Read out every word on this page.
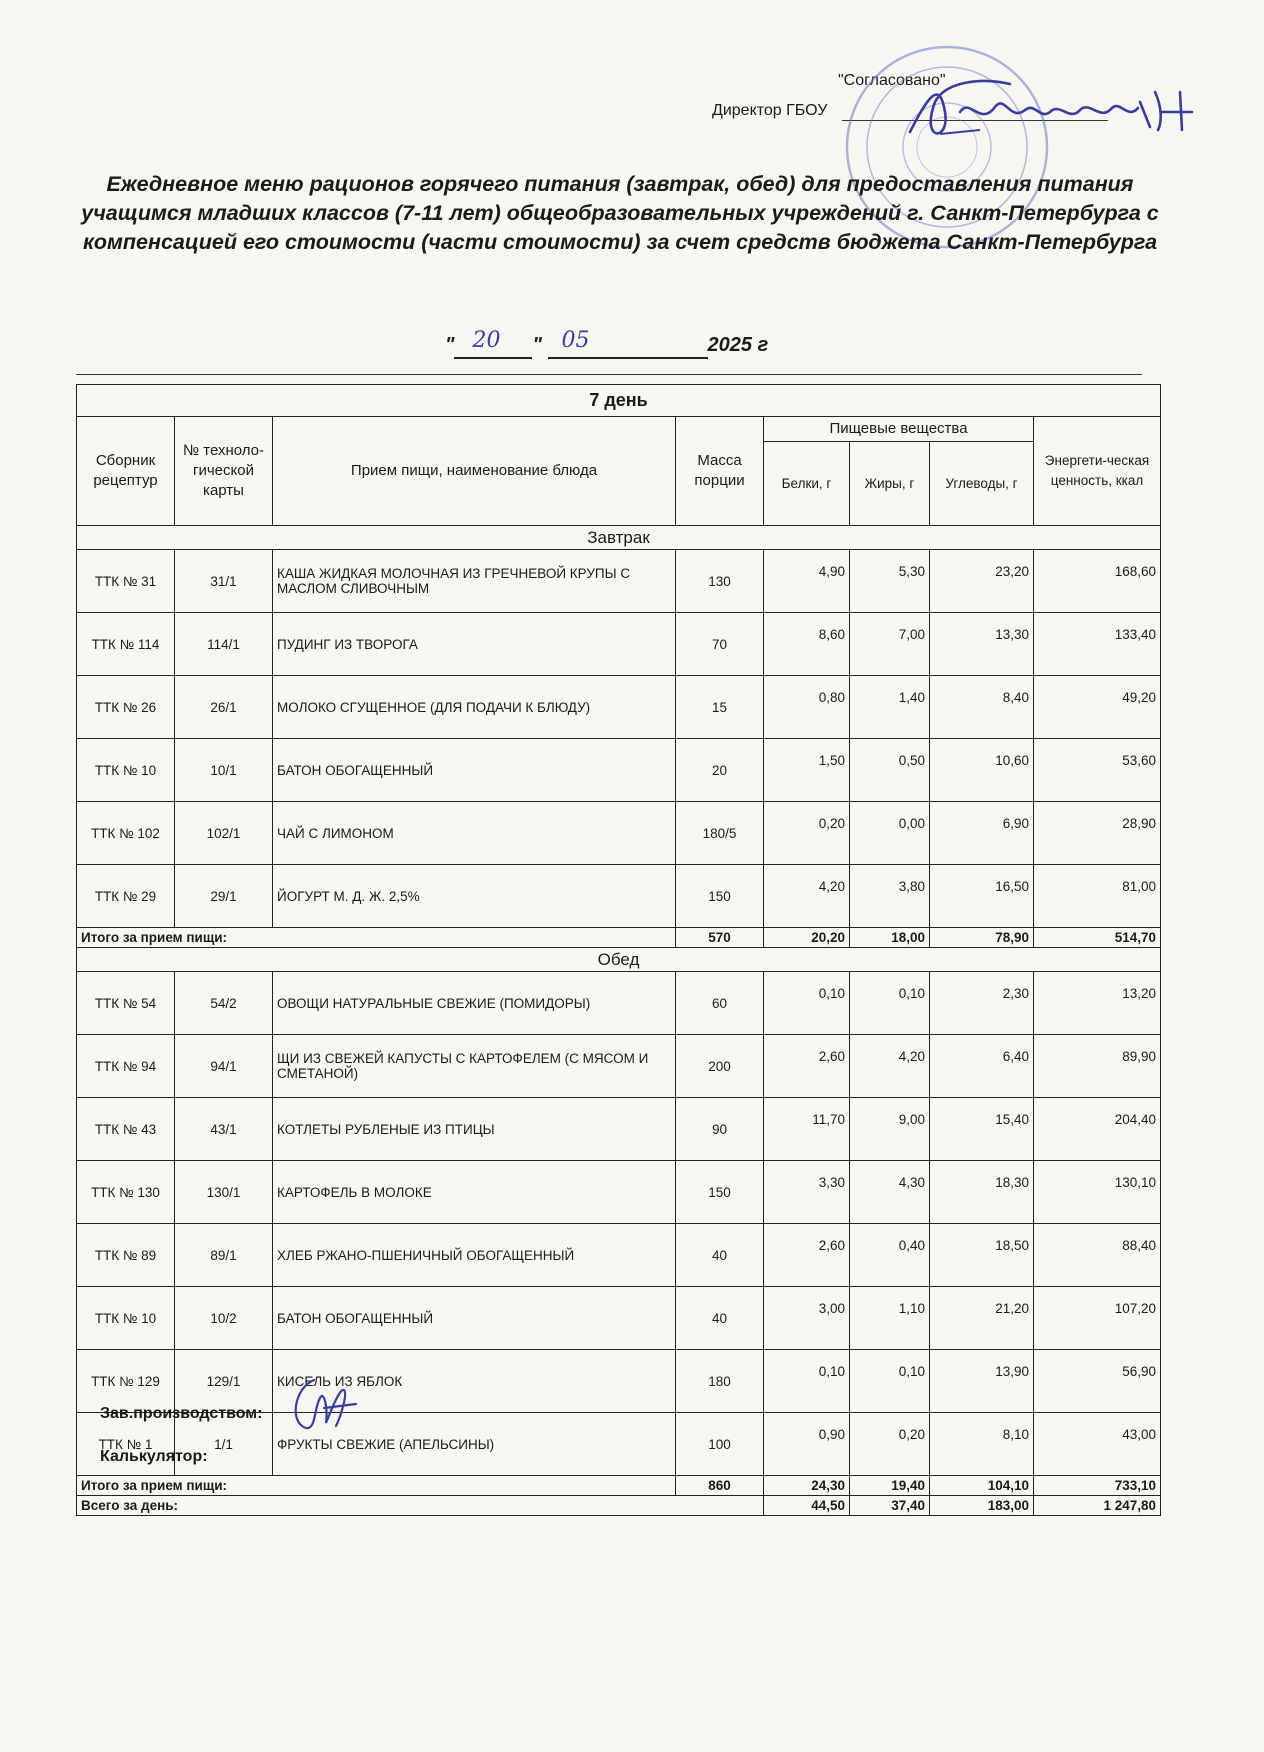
"Согласовано"
Директор ГБОУ
Ежедневное меню рационов горячего питания (завтрак, обед) для предоставления питания учащимся младших классов (7-11 лет) общеобразовательных учреждений г. Санкт-Петербурга с компенсацией его стоимости (части стоимости) за счет средств бюджета Санкт-Петербурга
" 20 " 05	2025 г
7 день							
Сборник рецептур	№ техноло-гической карты	Прием пищи, наименование блюда	Масса порции	Пищевые вещества			Энергети-ческая ценность, ккал
				Белки, г	Жиры, г	Углеводы, г	
Завтрак							
ТТК № 31	31/1	КАША ЖИДКАЯ МОЛОЧНАЯ ИЗ ГРЕЧНЕВОЙ КРУПЫ С МАСЛОМ СЛИВОЧНЫМ	130	4,90	5,30	23,20	168,60
ТТК № 114	114/1	ПУДИНГ ИЗ ТВОРОГА	70	8,60	7,00	13,30	133,40
ТТК № 26	26/1	МОЛОКО СГУЩЕННОЕ (ДЛЯ ПОДАЧИ К БЛЮДУ)	15	0,80	1,40	8,40	49,20
ТТК № 10	10/1	БАТОН ОБОГАЩЕННЫЙ	20	1,50	0,50	10,60	53,60
ТТК № 102	102/1	ЧАЙ С ЛИМОНОМ	180/5	0,20	0,00	6,90	28,90
ТТК № 29	29/1	ЙОГУРТ М. Д. Ж. 2,5%	150	4,20	3,80	16,50	81,00
Итого за прием пищи:			570	20,20	18,00	78,90	514,70
Обед							
ТТК № 54	54/2	ОВОЩИ НАТУРАЛЬНЫЕ СВЕЖИЕ (ПОМИДОРЫ)	60	0,10	0,10	2,30	13,20
ТТК № 94	94/1	ЩИ ИЗ СВЕЖЕЙ КАПУСТЫ С КАРТОФЕЛЕМ (С МЯСОМ И СМЕТАНОЙ)	200	2,60	4,20	6,40	89,90
ТТК № 43	43/1	КОТЛЕТЫ РУБЛЕНЫЕ ИЗ ПТИЦЫ	90	11,70	9,00	15,40	204,40
ТТК № 130	130/1	КАРТОФЕЛЬ В МОЛОКЕ	150	3,30	4,30	18,30	130,10
ТТК № 89	89/1	ХЛЕБ РЖАНО-ПШЕНИЧНЫЙ ОБОГАЩЕННЫЙ	40	2,60	0,40	18,50	88,40
ТТК № 10	10/2	БАТОН ОБОГАЩЕННЫЙ	40	3,00	1,10	21,20	107,20
ТТК № 129	129/1	КИСЕЛЬ ИЗ ЯБЛОК	180	0,10	0,10	13,90	56,90
ТТК № 1	1/1	ФРУКТЫ СВЕЖИЕ (АПЕЛЬСИНЫ)	100	0,90	0,20	8,10	43,00
Итого за прием пищи:			860	24,30	19,40	104,10	733,10
Всего за день:				44,50	37,40	183,00	1 247,80
Зав.производством:
Калькулятор:
